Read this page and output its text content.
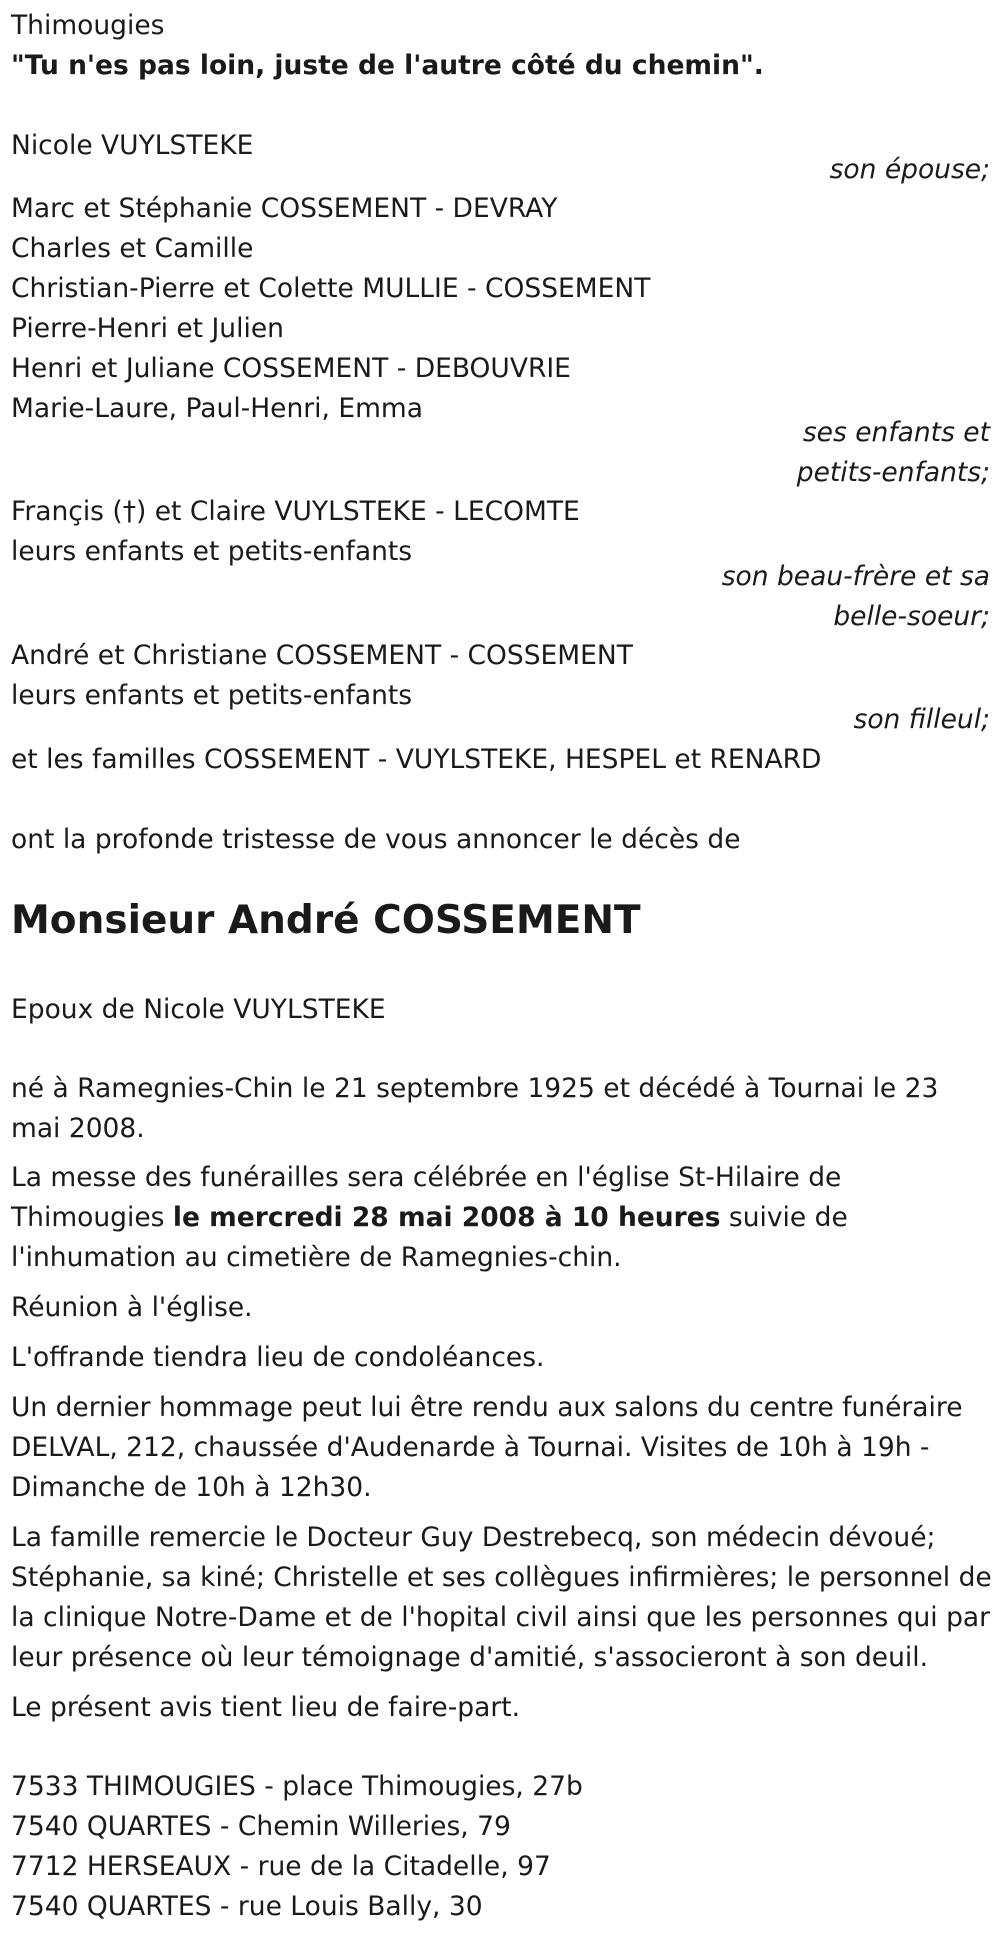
Thimougies
"Tu n'es pas loin, juste de l'autre côté du chemin".
Nicole VUYLSTEKE
son épouse;
Marc et Stéphanie COSSEMENT - DEVRAY
Charles et Camille
Christian-Pierre et Colette MULLIE - COSSEMENT
Pierre-Henri et Julien
Henri et Juliane COSSEMENT - DEBOUVRIE
Marie-Laure, Paul-Henri, Emma
ses enfants et
petits-enfants;
Françis (†) et Claire VUYLSTEKE - LECOMTE
leurs enfants et petits-enfants
son beau-frère et sa
belle-soeur;
André et Christiane COSSEMENT - COSSEMENT
leurs enfants et petits-enfants
son filleul;
et les familles COSSEMENT - VUYLSTEKE, HESPEL et RENARD
ont la profonde tristesse de vous annoncer le décès de
Monsieur André COSSEMENT
Epoux de Nicole VUYLSTEKE
né à Ramegnies-Chin le 21 septembre 1925 et décédé à Tournai le 23 mai 2008.
La messe des funérailles sera célébrée en l'église St-Hilaire de Thimougies le mercredi 28 mai 2008 à 10 heures suivie de l'inhumation au cimetière de Ramegnies-chin.
Réunion à l'église.
L'offrande tiendra lieu de condoléances.
Un dernier hommage peut lui être rendu aux salons du centre funéraire DELVAL, 212, chaussée d'Audenarde à Tournai. Visites de 10h à 19h - Dimanche de 10h à 12h30.
La famille remercie le Docteur Guy Destrebecq, son médecin dévoué; Stéphanie, sa kiné; Christelle et ses collègues infirmières; le personnel de la clinique Notre-Dame et de l'hopital civil ainsi que les personnes qui par leur présence où leur témoignage d'amitié, s'associeront à son deuil.
Le présent avis tient lieu de faire-part.
7533 THIMOUGIES - place Thimougies, 27b
7540 QUARTES - Chemin Willeries, 79
7712 HERSEAUX - rue de la Citadelle, 97
7540 QUARTES - rue Louis Bally, 30
